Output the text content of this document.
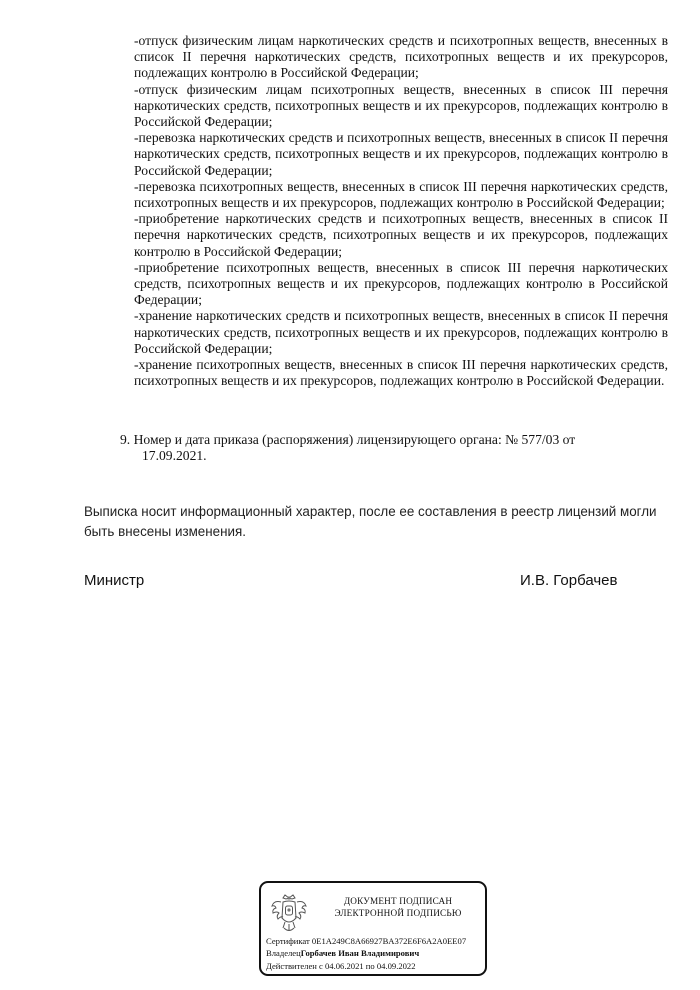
-отпуск физическим лицам наркотических средств и психотропных веществ, внесенных в список II перечня наркотических средств, психотропных веществ и их прекурсоров, подлежащих контролю в Российской Федерации;

-отпуск физическим лицам психотропных веществ, внесенных в список III перечня наркотических средств, психотропных веществ и их прекурсоров, подлежащих контролю в Российской Федерации;

-перевозка наркотических средств и психотропных веществ, внесенных в список II перечня наркотических средств, психотропных веществ и их прекурсоров, подлежащих контролю в Российской Федерации;

-перевозка психотропных веществ, внесенных в список III перечня наркотических средств, психотропных веществ и их прекурсоров, подлежащих контролю в Российской Федерации;

-приобретение наркотических средств и психотропных веществ, внесенных в список II перечня наркотических средств, психотропных веществ и их прекурсоров, подлежащих контролю в Российской Федерации;

-приобретение психотропных веществ, внесенных в список III перечня наркотических средств, психотропных веществ и их прекурсоров, подлежащих контролю в Российской Федерации;

-хранение наркотических средств и психотропных веществ, внесенных в список II перечня наркотических средств, психотропных веществ и их прекурсоров, подлежащих контролю в Российской Федерации;

-хранение психотропных веществ, внесенных в список III перечня наркотических средств, психотропных веществ и их прекурсоров, подлежащих контролю в Российской Федерации.

9. Номер и дата приказа (распоряжения) лицензирующего органа: № 577/03 от
17.09.2021.
Выписка носит информационный характер, после ее составления в реестр лицензий могли быть внесены изменения.
Министр	И.В. Горбачев
ДОКУМЕНТ ПОДПИСАН
ЭЛЕКТРОННОЙ ПОДПИСЬЮ
Сертификат 0E1A249C8A66927BA372E6F6A2A0EE07
ВладелецГорбачев Иван Владимирович
Действителен с 04.06.2021 по 04.09.2022
